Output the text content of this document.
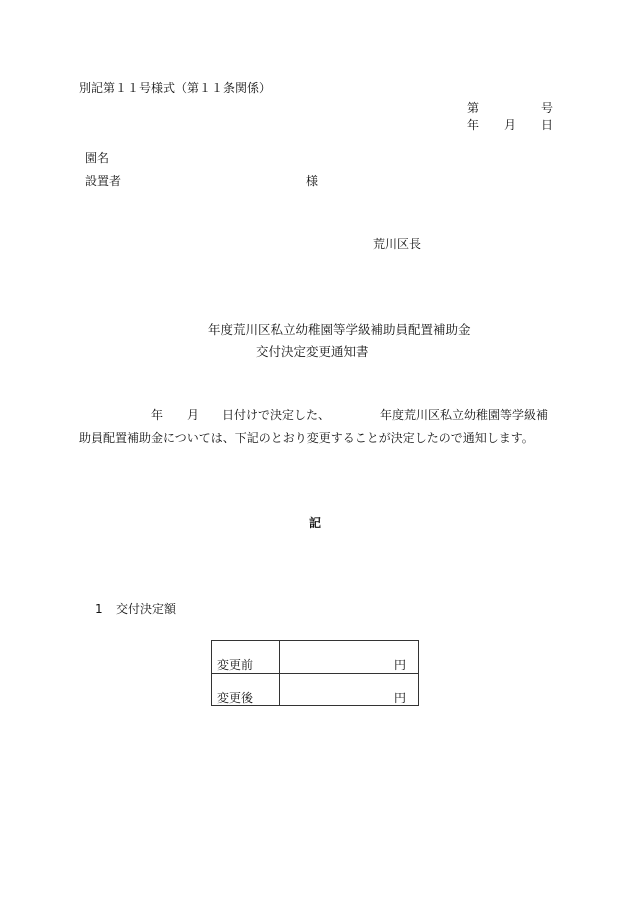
別記第１１号様式（第１１条関係）
第	号
年 月 日
園名
設置者	様
荒川区長
年度荒川区私立幼稚園等学級補助員配置補助金
交付決定変更通知書
年 月 日付けで決定した、	年度荒川区私立幼稚園等学級補
助員配置補助金については、下記のとおり変更することが決定したので通知します。
記
1 交付決定額
変更前	円
変更後	円
